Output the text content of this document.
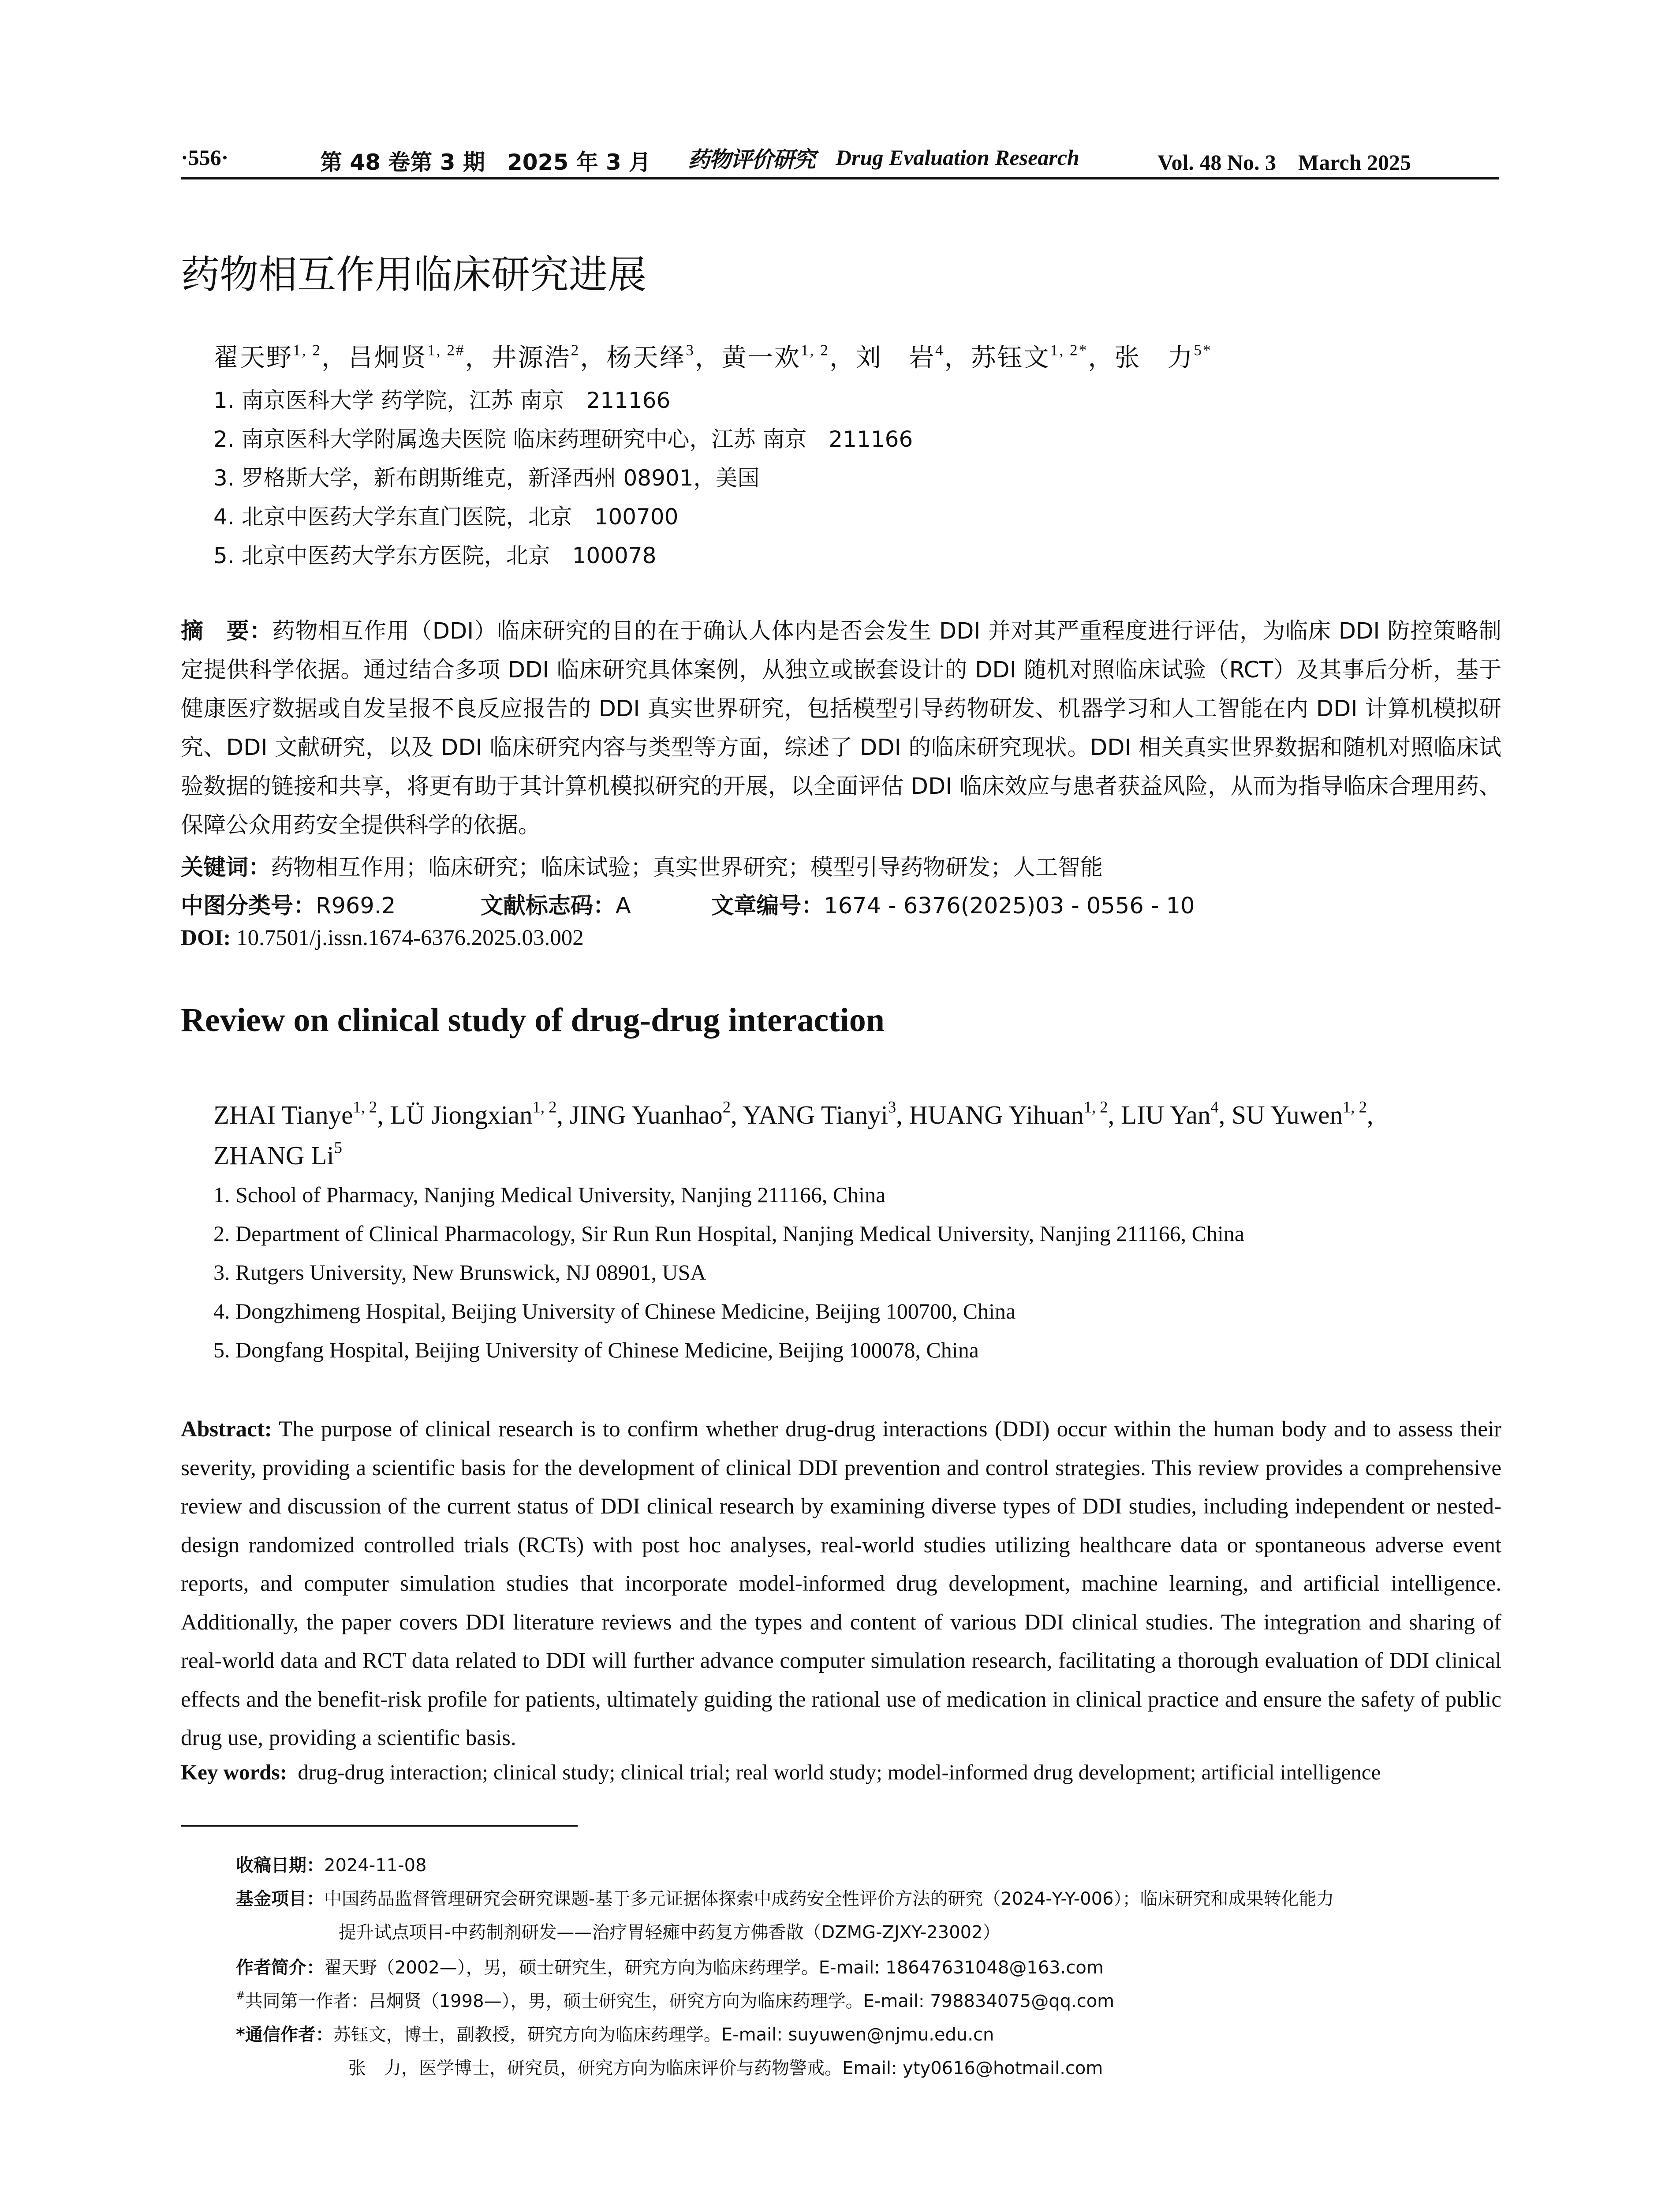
·556·	第 48 卷第 3 期　2025 年 3 月 药物评价研究 Drug Evaluation Research	Vol. 48 No. 3　March 2025
药物相互作用临床研究进展
翟天野$^{1, 2}$，吕炯贤$^{1, 2\#}$，井源浩$^2$，杨天绎$^3$，黄一欢$^{1, 2}$，刘　岩$^4$，苏钰文$^{1, 2*}$，张　力$^{5*}$
1. 南京医科大学 药学院，江苏 南京　211166
2. 南京医科大学附属逸夫医院 临床药理研究中心，江苏 南京　211166
3. 罗格斯大学，新布朗斯维克，新泽西州 08901，美国
4. 北京中医药大学东直门医院，北京　100700
5. 北京中医药大学东方医院，北京　100078
摘　要：药物相互作用（DDI）临床研究的目的在于确认人体内是否会发生 DDI 并对其严重程度进行评估，为临床 DDI 防控策略制定提供科学依据。通过结合多项 DDI 临床研究具体案例，从独立或嵌套设计的 DDI 随机对照临床试验（RCT）及其事后分析，基于健康医疗数据或自发呈报不良反应报告的 DDI 真实世界研究，包括模型引导药物研发、机器学习和人工智能在内 DDI 计算机模拟研究、DDI 文献研究，以及 DDI 临床研究内容与类型等方面，综述了 DDI 的临床研究现状。DDI 相关真实世界数据和随机对照临床试验数据的链接和共享，将更有助于其计算机模拟研究的开展，以全面评估 DDI 临床效应与患者获益风险，从而为指导临床合理用药、保障公众用药安全提供科学的依据。
关键词：药物相互作用；临床研究；临床试验；真实世界研究；模型引导药物研发；人工智能
中图分类号：R969.2	文献标志码：A	文章编号：1674 - 6376(2025)03 - 0556 - 10
DOI: 10.7501/j.issn.1674-6376.2025.03.002
Review on clinical study of drug-drug interaction
ZHAI Tianye$^{1, 2}$, LÜ Jiongxian$^{1, 2}$, JING Yuanhao$^2$, YANG Tianyi$^3$, HUANG Yihuan$^{1, 2}$, LIU Yan$^4$, SU Yuwen$^{1, 2}$,
ZHANG Li$^5$
1. School of Pharmacy, Nanjing Medical University, Nanjing 211166, China
2. Department of Clinical Pharmacology, Sir Run Run Hospital, Nanjing Medical University, Nanjing 211166, China
3. Rutgers University, New Brunswick, NJ 08901, USA
4. Dongzhimeng Hospital, Beijing University of Chinese Medicine, Beijing 100700, China
5. Dongfang Hospital, Beijing University of Chinese Medicine, Beijing 100078, China
Abstract: The purpose of clinical research is to confirm whether drug-drug interactions (DDI) occur within the human body and to assess their severity, providing a scientific basis for the development of clinical DDI prevention and control strategies. This review provides a comprehensive review and discussion of the current status of DDI clinical research by examining diverse types of DDI studies, including independent or nested-design randomized controlled trials (RCTs) with post hoc analyses, real-world studies utilizing healthcare data or spontaneous adverse event reports, and computer simulation studies that incorporate model-informed drug development, machine learning, and artificial intelligence. Additionally, the paper covers DDI literature reviews and the types and content of various DDI clinical studies. The integration and sharing of real-world data and RCT data related to DDI will further advance computer simulation research, facilitating a thorough evaluation of DDI clinical effects and the benefit-risk profile for patients, ultimately guiding the rational use of medication in clinical practice and ensure the safety of public drug use, providing a scientific basis.
Key words: drug-drug interaction; clinical study; clinical trial; real world study; model-informed drug development; artificial intelligence
收稿日期：2024-11-08
基金项目：中国药品监督管理研究会研究课题-基于多元证据体探索中成药安全性评价方法的研究（2024-Y-Y-006）；临床研究和成果转化能力
提升试点项目-中药制剂研发——治疗胃轻瘫中药复方佛香散（DZMG-ZJXY-23002）
作者简介：翟天野（2002—），男，硕士研究生，研究方向为临床药理学。E-mail: 18647631048@163.com
#共同第一作者：吕炯贤（1998—），男，硕士研究生，研究方向为临床药理学。E-mail: 798834075@qq.com
*通信作者：苏钰文，博士，副教授，研究方向为临床药理学。E-mail: suyuwen@njmu.edu.cn
张　力，医学博士，研究员，研究方向为临床评价与药物警戒。Email: yty0616@hotmail.com
